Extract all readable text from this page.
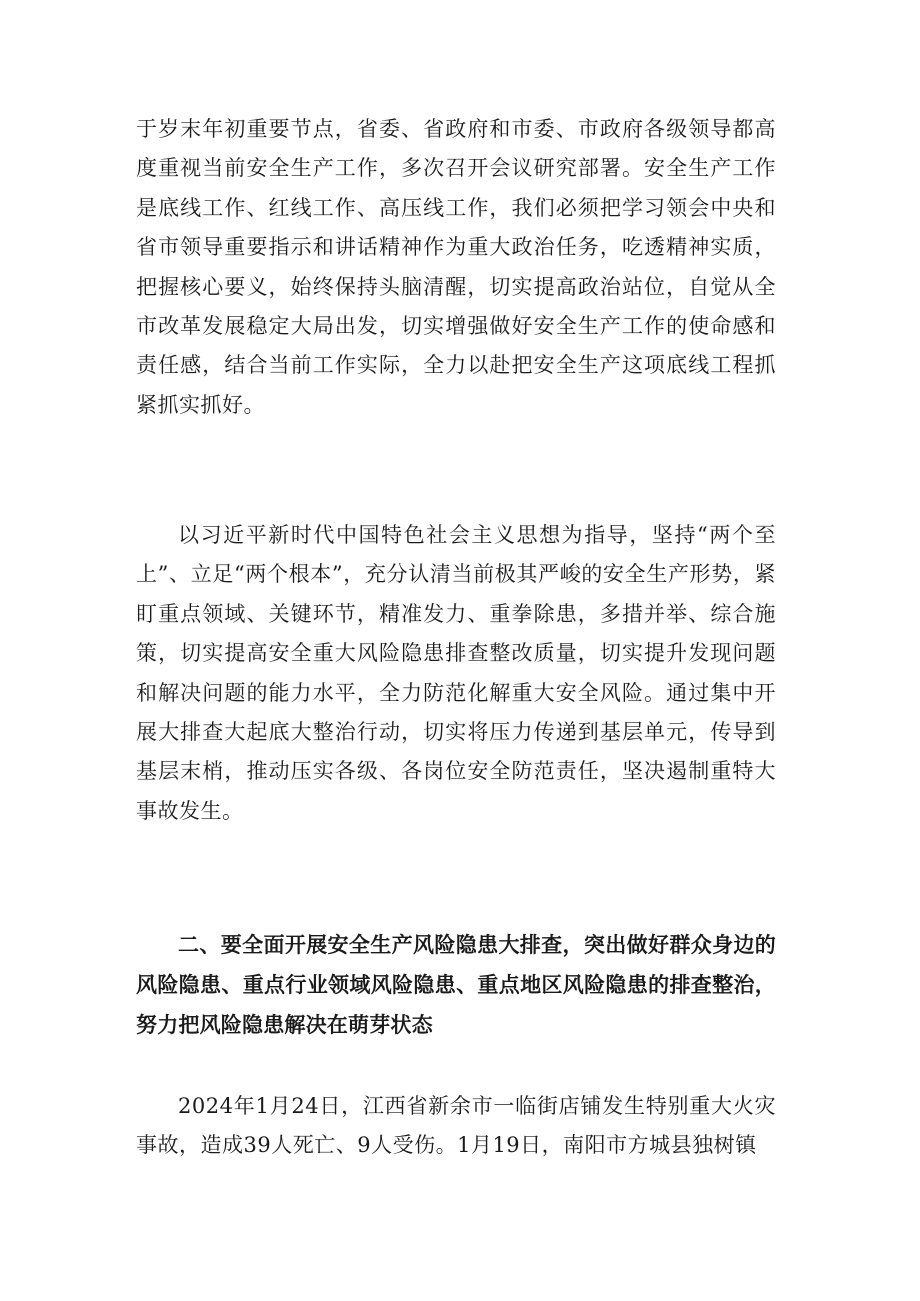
于岁末年初重要节点，省委、省政府和市委、市政府各级领导都高度重视当前安全生产工作，多次召开会议研究部署。安全生产工作是底线工作、红线工作、高压线工作，我们必须把学习领会中央和省市领导重要指示和讲话精神作为重大政治任务，吃透精神实质，把握核心要义，始终保持头脑清醒，切实提高政治站位，自觉从全市改革发展稳定大局出发，切实增强做好安全生产工作的使命感和责任感，结合当前工作实际，全力以赴把安全生产这项底线工程抓紧抓实抓好。

以习近平新时代中国特色社会主义思想为指导，坚持“两个至上”、立足“两个根本”，充分认清当前极其严峻的安全生产形势，紧盯重点领域、关键环节，精准发力、重拳除患，多措并举、综合施策，切实提高安全重大风险隐患排查整改质量，切实提升发现问题和解决问题的能力水平，全力防范化解重大安全风险。通过集中开展大排查大起底大整治行动，切实将压力传递到基层单元，传导到基层末梢，推动压实各级、各岗位安全防范责任，坚决遏制重特大事故发生。

二、要全面开展安全生产风险隐患大排查，突出做好群众身边的风险隐患、重点行业领域风险隐患、重点地区风险隐患的排查整治，努力把风险隐患解决在萌芽状态

2024年1月24日，江西省新余市一临街店铺发生特别重大火灾事故，造成39人死亡、9人受伤。1月19日，南阳市方城县独树镇
